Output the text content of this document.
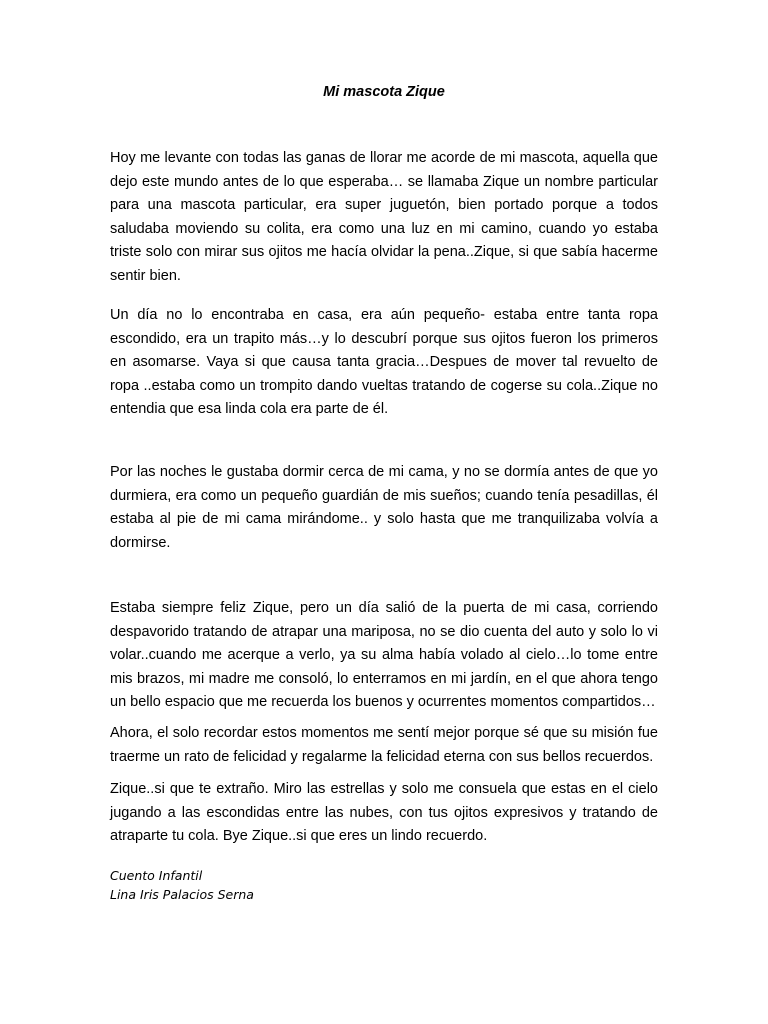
Mi mascota Zique

Hoy me levante con todas las ganas de llorar me acorde de mi mascota, aquella que dejo este mundo antes de lo que esperaba… se llamaba Zique un nombre particular para una mascota particular, era super juguetón, bien portado porque a todos saludaba moviendo su colita, era como una luz en mi camino, cuando yo estaba triste solo con mirar sus ojitos me hacía olvidar la pena..Zique, si que sabía hacerme sentir bien.

Un día no lo encontraba en casa, era aún pequeño- estaba entre tanta ropa escondido, era un trapito más…y lo descubrí porque sus ojitos fueron los primeros en asomarse. Vaya si que causa tanta gracia…Despues de mover tal revuelto de ropa ..estaba como un trompito dando vueltas tratando de cogerse su cola..Zique no entendia que esa linda cola era parte de él.

Por las noches le gustaba dormir cerca de mi cama, y no se dormía antes de que yo durmiera, era como un pequeño guardián de mis sueños; cuando tenía pesadillas, él estaba al pie de mi cama mirándome.. y solo hasta que me tranquilizaba volvía a dormirse.

Estaba siempre feliz Zique, pero un día salió de la puerta de mi casa, corriendo despavorido tratando de atrapar una mariposa, no se dio cuenta del auto y solo lo vi volar..cuando me acerque a verlo, ya su alma había volado al cielo…lo tome entre mis brazos, mi madre me consoló, lo enterramos en mi jardín, en el que ahora tengo un bello espacio que me recuerda los buenos y ocurrentes momentos compartidos…

Ahora, el solo recordar estos momentos me sentí mejor porque sé que su misión fue traerme un rato de felicidad y regalarme la felicidad eterna con sus bellos recuerdos.

Zique..si que te extraño. Miro las estrellas y solo me consuela que estas en el cielo jugando a las escondidas entre las nubes, con tus ojitos expresivos y tratando de atraparte tu cola. Bye Zique..si que eres un lindo recuerdo.

Cuento Infantil
Lina Iris Palacios Serna
